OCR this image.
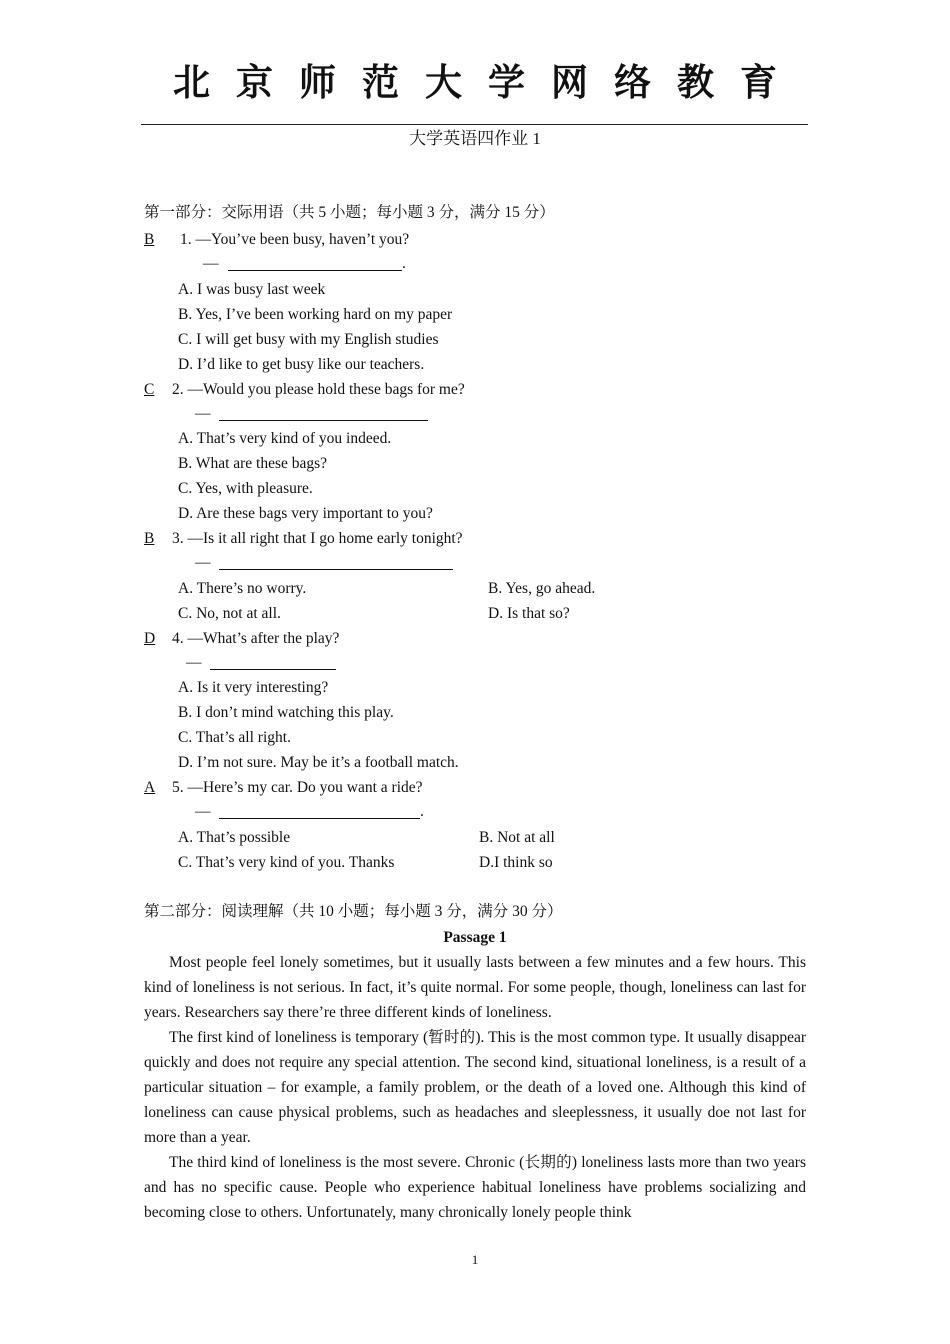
北京师范大学网络教育
大学英语四作业 1
第一部分：交际用语（共 5 小题；每小题 3 分，满分 15 分）
B 1. —You’ve been busy, haven’t you?
—	.
A. I was busy last week
B. Yes, I’ve been working hard on my paper
C. I will get busy with my English studies
D. I’d like to get busy like our teachers.
C 2. —Would you please hold these bags for me?
—
A. That’s very kind of you indeed.
B. What are these bags?
C. Yes, with pleasure.
D. Are these bags very important to you?
B 3. —Is it all right that I go home early tonight?
—
A. There’s no worry.	B. Yes, go ahead.
C. No, not at all.	D. Is that so?
D 4. —What’s after the play?
—
A. Is it very interesting?
B. I don’t mind watching this play.
C. That’s all right.
D. I’m not sure. May be it’s a football match.
A 5. —Here’s my car. Do you want a ride?
—	.
A. That’s possible	B. Not at all
C. That’s very kind of you. Thanks	D.I think so
第二部分：阅读理解（共 10 小题；每小题 3 分，满分 30 分）
Passage 1
Most people feel lonely sometimes, but it usually lasts between a few minutes and a few hours. This kind of loneliness is not serious. In fact, it’s quite normal. For some people, though, loneliness can last for years. Researchers say there’re three different kinds of loneliness.
The first kind of loneliness is temporary (暂时的). This is the most common type. It usually disappear quickly and does not require any special attention. The second kind, situational loneliness, is a result of a particular situation – for example, a family problem, or the death of a loved one. Although this kind of loneliness can cause physical problems, such as headaches and sleeplessness, it usually doe not last for more than a year.
The third kind of loneliness is the most severe. Chronic (长期的) loneliness lasts more than two years and has no specific cause. People who experience habitual loneliness have problems socializing and becoming close to others. Unfortunately, many chronically lonely people think
1
